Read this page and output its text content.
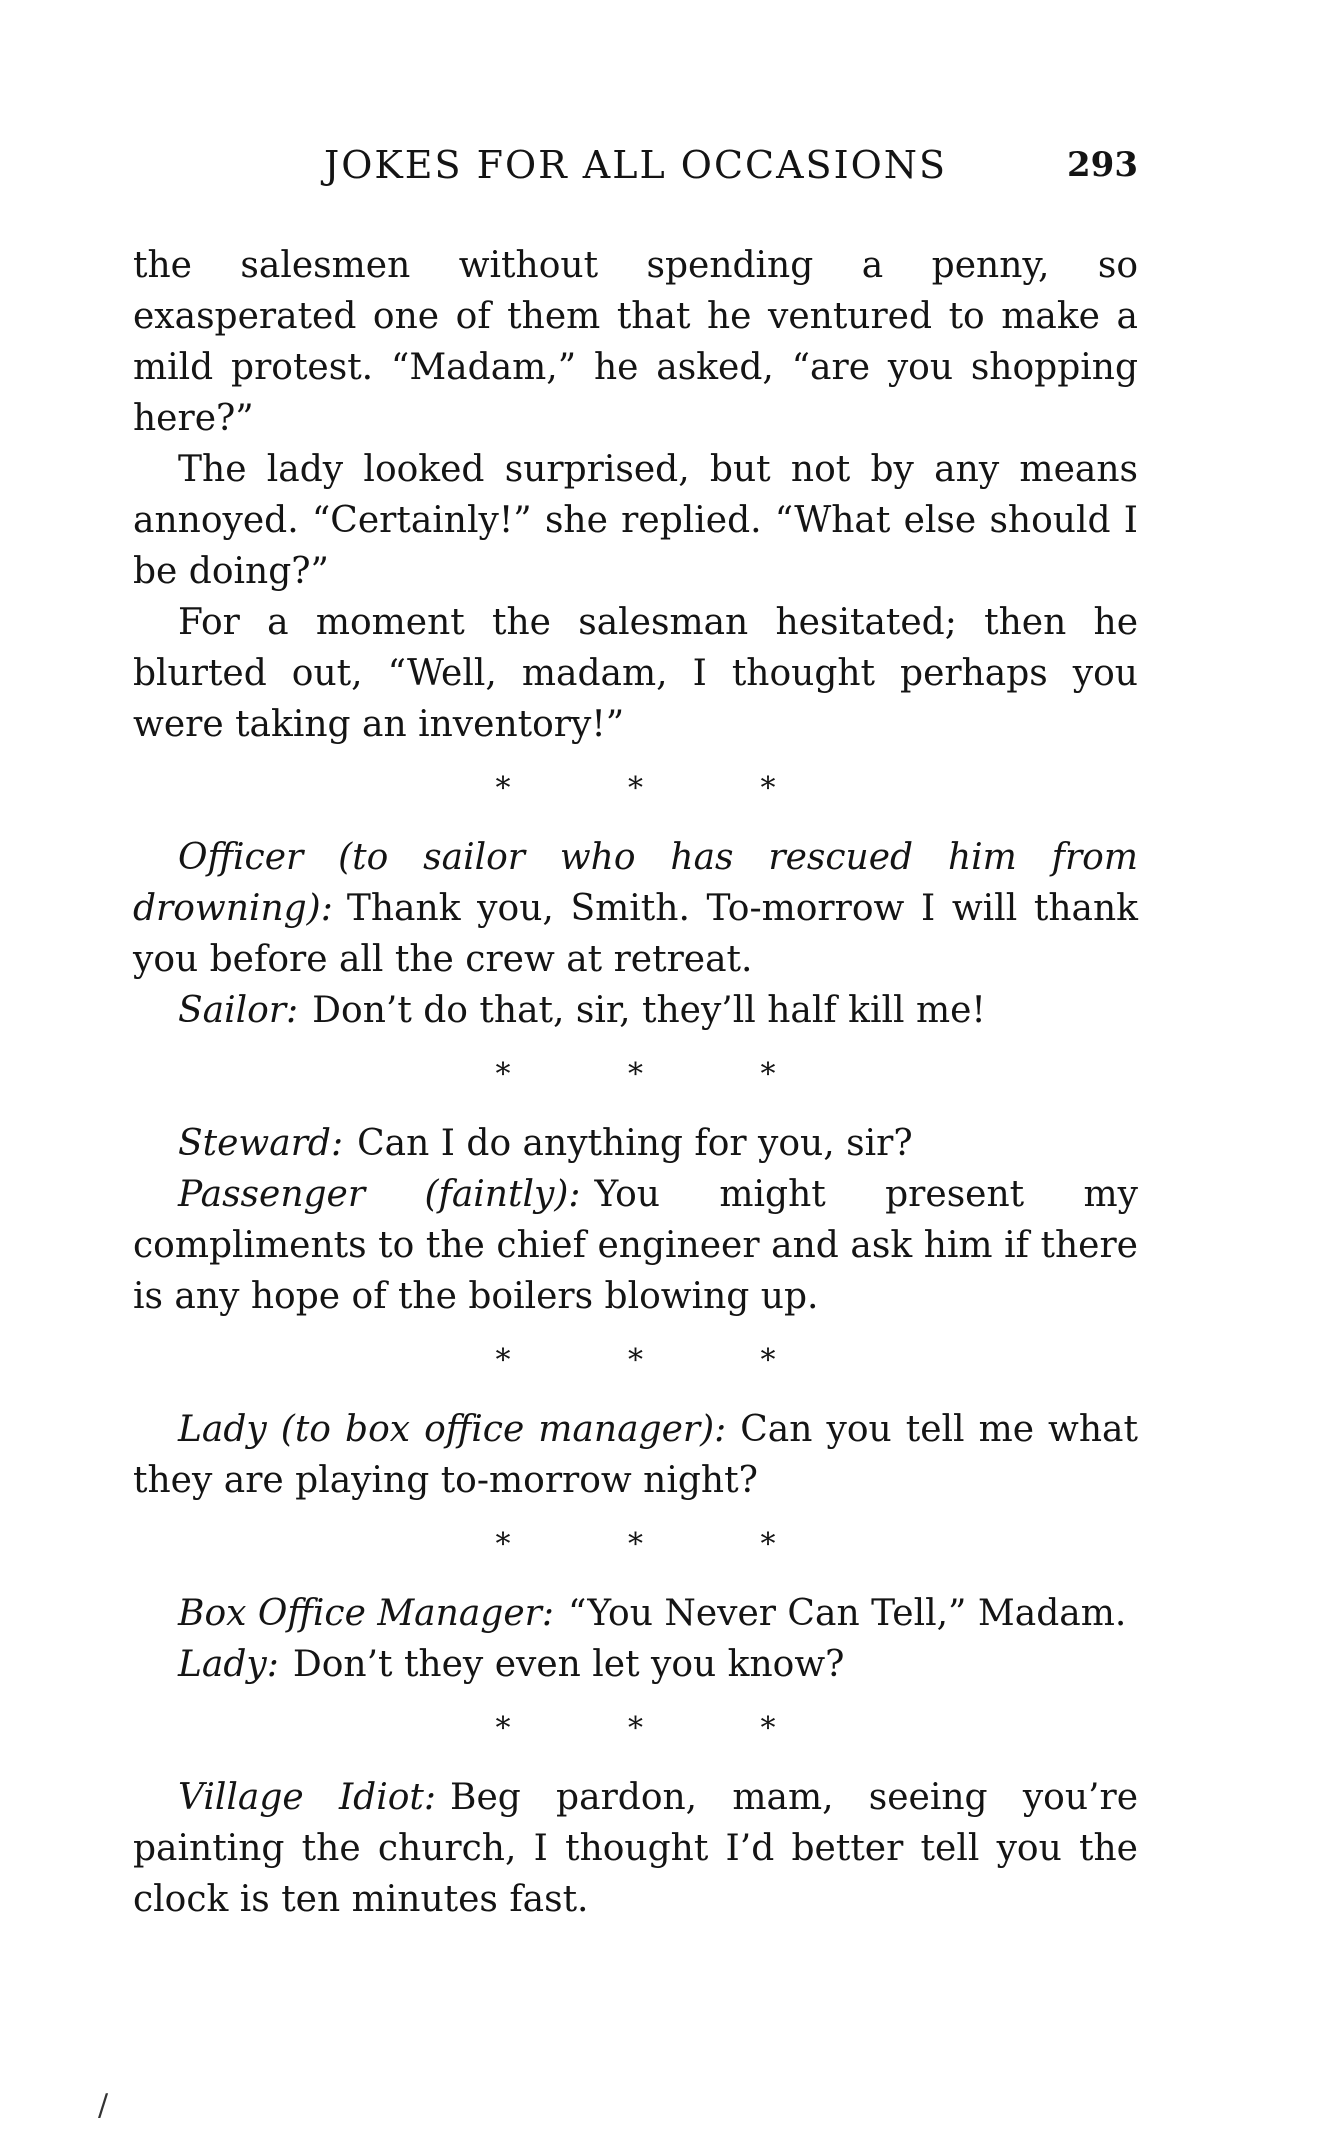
JOKES FOR ALL OCCASIONS	293

the salesmen without spending a penny, so exasperated one of them that he ventured to make a mild protest. “Madam,” he asked, “are you shopping here?”

The lady looked surprised, but not by any means annoyed. “Certainly!” she replied. “What else should I be doing?”

For a moment the salesman hesitated; then he blurted out, “Well, madam, I thought perhaps you were taking an inventory!”

* * *

Officer (to sailor who has rescued him from drowning): Thank you, Smith. To-morrow I will thank you before all the crew at retreat.

Sailor: Don’t do that, sir, they’ll half kill me!

* * *

Steward: Can I do anything for you, sir?

Passenger (faintly): You might present my compliments to the chief engineer and ask him if there is any hope of the boilers blowing up.

* * *

Lady (to box office manager): Can you tell me what they are playing to-morrow night?

* * *

Box Office Manager: “You Never Can Tell,” Madam.

Lady: Don’t they even let you know?

* * *

Village Idiot: Beg pardon, mam, seeing you’re painting the church, I thought I’d better tell you the clock is ten minutes fast.

/
